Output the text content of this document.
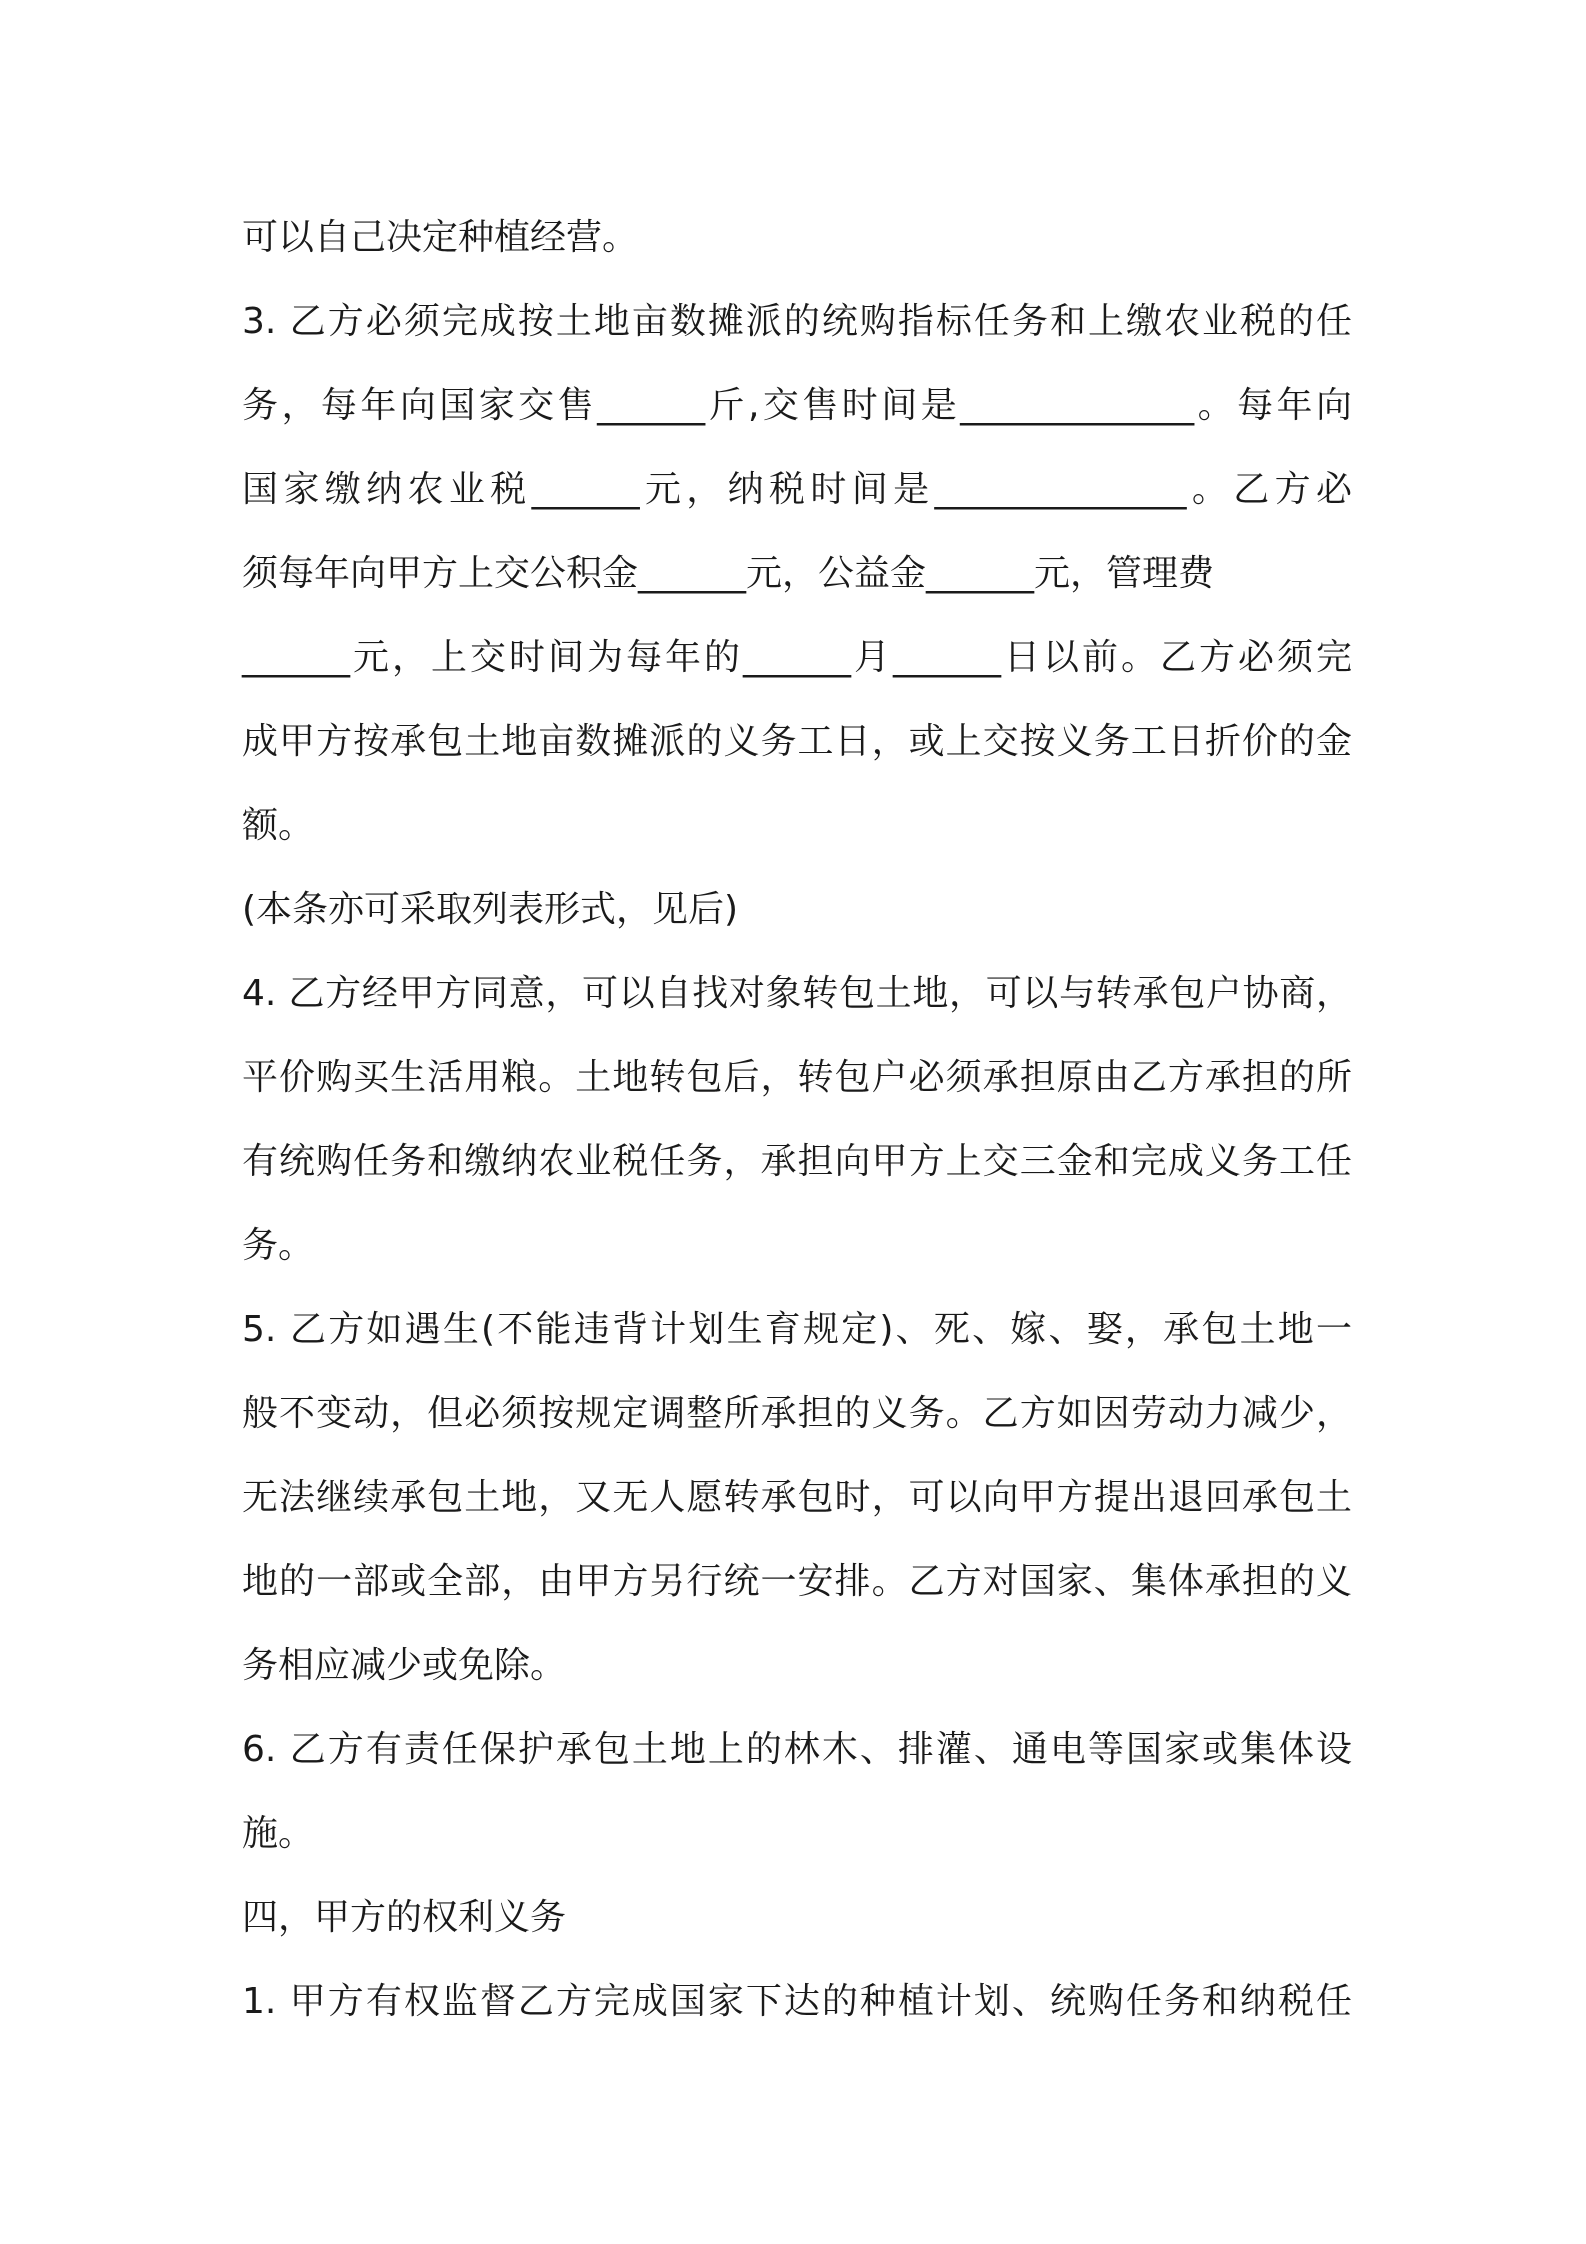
可以自己决定种植经营。
3. 乙方必须完成按土地亩数摊派的统购指标任务和上缴农业税的任
务，每年向国家交售______斤,交售时间是_____________。每年向
国家缴纳农业税______元，纳税时间是______________。乙方必
须每年向甲方上交公积金______元，公益金______元，管理费
______元，上交时间为每年的______月______日以前。乙方必须完
成甲方按承包土地亩数摊派的义务工日，或上交按义务工日折价的金
额。
(本条亦可采取列表形式，见后)
4. 乙方经甲方同意，可以自找对象转包土地，可以与转承包户协商，
平价购买生活用粮。土地转包后，转包户必须承担原由乙方承担的所
有统购任务和缴纳农业税任务，承担向甲方上交三金和完成义务工任
务。
5. 乙方如遇生(不能违背计划生育规定)、死、嫁、娶，承包土地一
般不变动，但必须按规定调整所承担的义务。乙方如因劳动力减少，
无法继续承包土地，又无人愿转承包时，可以向甲方提出退回承包土
地的一部或全部，由甲方另行统一安排。乙方对国家、集体承担的义
务相应减少或免除。
6. 乙方有责任保护承包土地上的林木、排灌、通电等国家或集体设
施。
四，甲方的权利义务
1. 甲方有权监督乙方完成国家下达的种植计划、统购任务和纳税任
